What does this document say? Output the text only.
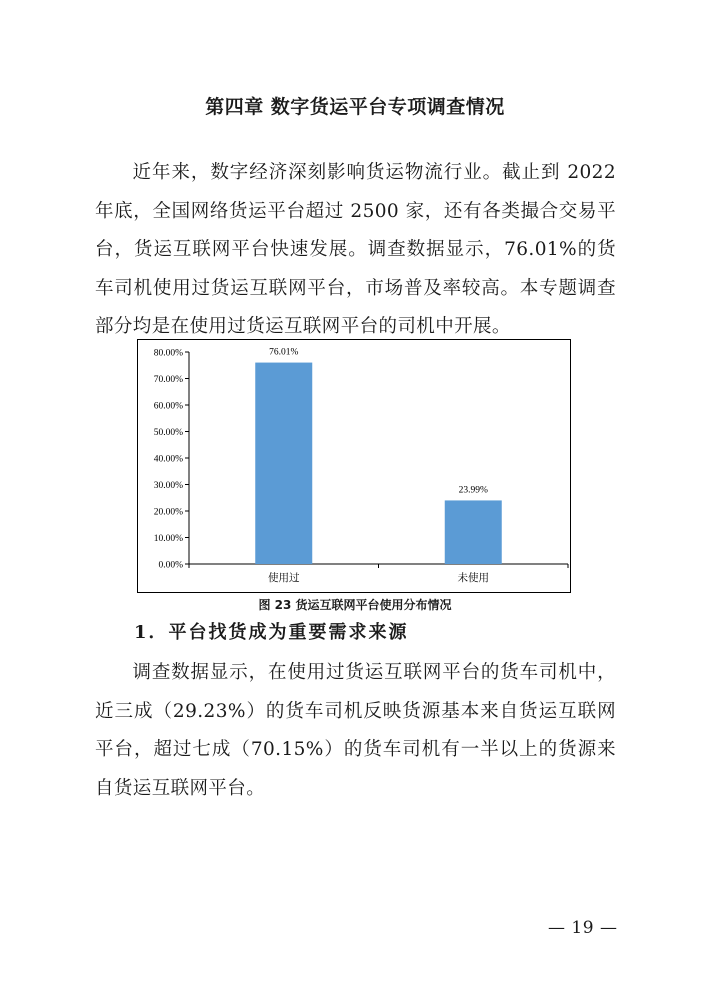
第四章 数字货运平台专项调查情况

近年来，数字经济深刻影响货运物流行业。截止到 2022 年底，全国网络货运平台超过 2500 家，还有各类撮合交易平台，货运互联网平台快速发展。调查数据显示，76.01%的货车司机使用过货运互联网平台，市场普及率较高。本专题调查部分均是在使用过货运互联网平台的司机中开展。

0.00%
10.00%
20.00%
30.00%
40.00%
50.00%
60.00%
70.00%
80.00%	76.01%
使用过
23.99%
未使用
图 23 货运互联网平台使用分布情况
1．平台找货成为重要需求来源

调查数据显示，在使用过货运互联网平台的货车司机中，近三成（29.23%）的货车司机反映货源基本来自货运互联网平台，超过七成（70.15%）的货车司机有一半以上的货源来自货运互联网平台。

— 19 —
